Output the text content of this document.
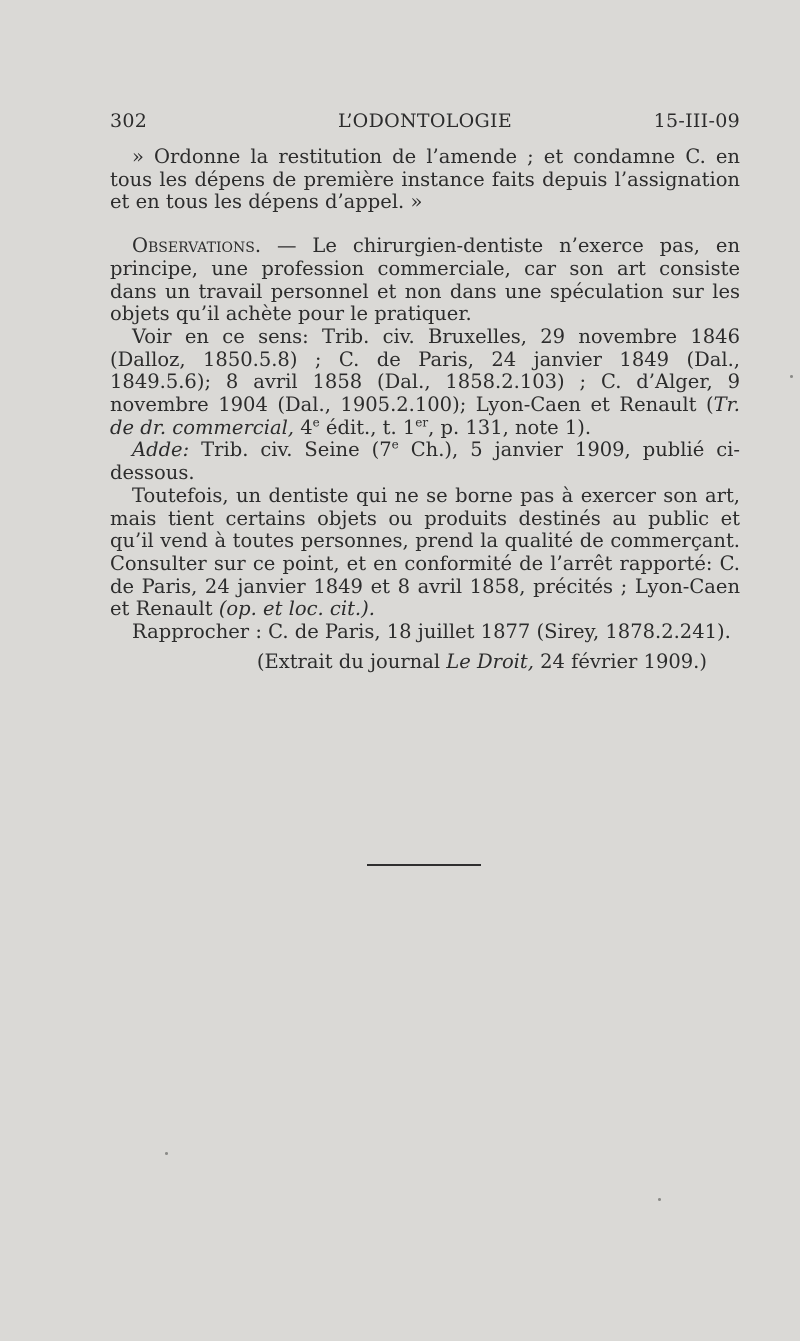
302	L’ODONTOLOGIE	15-III-09

» Ordonne la restitution de l’amende ; et condamne C. en tous les dépens de première instance faits depuis l’assignation et en tous les dépens d’appel. »

Observations. — Le chirurgien-dentiste n’exerce pas, en principe, une profession commerciale, car son art consiste dans un travail personnel et non dans une spéculation sur les objets qu’il achète pour le pratiquer.

Voir en ce sens: Trib. civ. Bruxelles, 29 novembre 1846 (Dalloz, 1850.5.8) ; C. de Paris, 24 janvier 1849 (Dal., 1849.5.6); 8 avril 1858 (Dal., 1858.2.103) ; C. d’Alger, 9 novembre 1904 (Dal., 1905.2.100); Lyon-Caen et Renault (Tr. de dr. commercial, 4e édit., t. 1er, p. 131, note 1).

Adde: Trib. civ. Seine (7e Ch.), 5 janvier 1909, publié ci-dessous.

Toutefois, un dentiste qui ne se borne pas à exercer son art, mais tient certains objets ou produits destinés au public et qu’il vend à toutes personnes, prend la qualité de commerçant. Consulter sur ce point, et en conformité de l’arrêt rapporté: C. de Paris, 24 janvier 1849 et 8 avril 1858, précités ; Lyon-Caen et Renault (op. et loc. cit.).

Rapprocher : C. de Paris, 18 juillet 1877 (Sirey, 1878.2.241).

(Extrait du journal Le Droit, 24 février 1909.)
